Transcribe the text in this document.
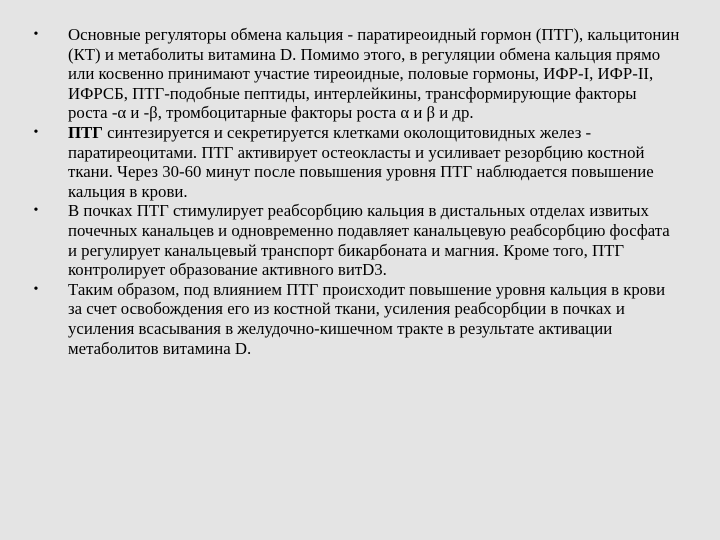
• Основные регуляторы обмена кальция - паратиреоидный гормон (ПТГ), кальцитонин (КТ) и метаболиты витамина D. Помимо этого, в регуляции обмена кальция прямо или косвенно принимают участие тиреоидные, половые гормоны, ИФР-I, ИФР-II, ИФРСБ, ПТГ-подобные пептиды, интерлейкины, трансформирующие факторы роста -α и -β, тромбоцитарные факторы роста α и β и др.
• ПТГ синтезируется и секретируется клетками околощитовидных желез - паратиреоцитами. ПТГ активирует остеокласты и усиливает резорбцию костной ткани. Через 30-60 минут после повышения уровня ПТГ наблюдается повышение кальция в крови.
• В почках ПТГ стимулирует реабсорбцию кальция в дистальных отделах извитых почечных канальцев и одновременно подавляет канальцевую реабсорбцию фосфата и регулирует канальцевый транспорт бикарбоната и магния. Кроме того, ПТГ контролирует образование активного витD3.
• Таким образом, под влиянием ПТГ происходит повышение уровня кальция в крови за счет освобождения его из костной ткани, усиления реабсорбции в почках и усиления всасывания в желудочно-кишечном тракте в результате активации метаболитов витамина D.
